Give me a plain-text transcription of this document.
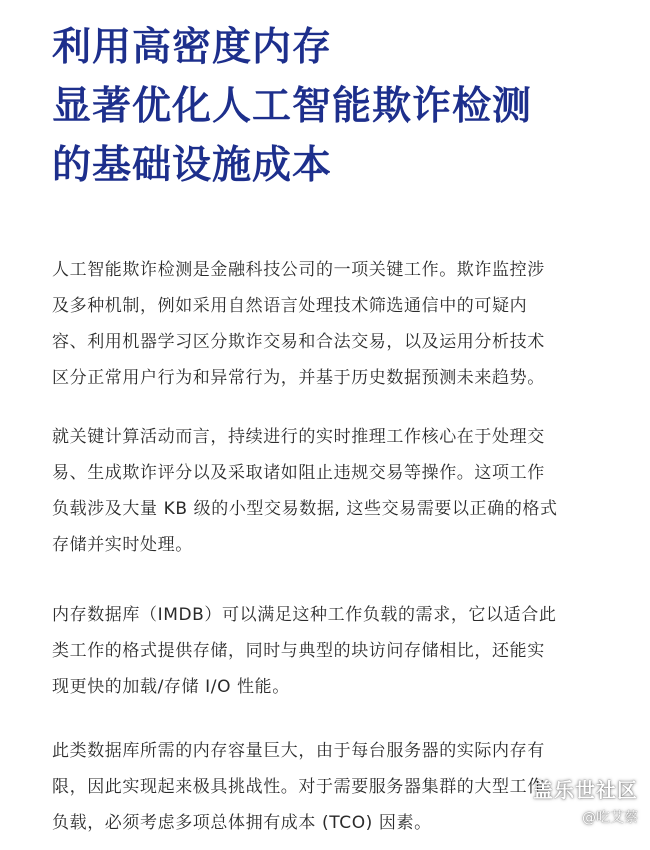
利用高密度内存
显著优化人工智能欺诈检测
的基础设施成本

人工智能欺诈检测是金融科技公司的一项关键工作。欺诈监控涉
及多种机制，例如采用自然语言处理技术筛选通信中的可疑内
容、利用机器学习区分欺诈交易和合法交易，以及运用分析技术
区分正常用户行为和异常行为，并基于历史数据预测未来趋势。

就关键计算活动而言，持续进行的实时推理工作核心在于处理交
易、生成欺诈评分以及采取诸如阻止违规交易等操作。这项工作
负载涉及大量 KB 级的小型交易数据, 这些交易需要以正确的格式
存储并实时处理。

内存数据库（IMDB）可以满足这种工作负载的需求，它以适合此
类工作的格式提供存储，同时与典型的块访问存储相比，还能实
现更快的加载/存储 I/O 性能。

此类数据库所需的内存容量巨大，由于每台服务器的实际内存有
限，因此实现起来极具挑战性。对于需要服务器集群的大型工作
负载，必须考虑多项总体拥有成本 (TCO) 因素。

盖乐世社区
@吃艾蔡
